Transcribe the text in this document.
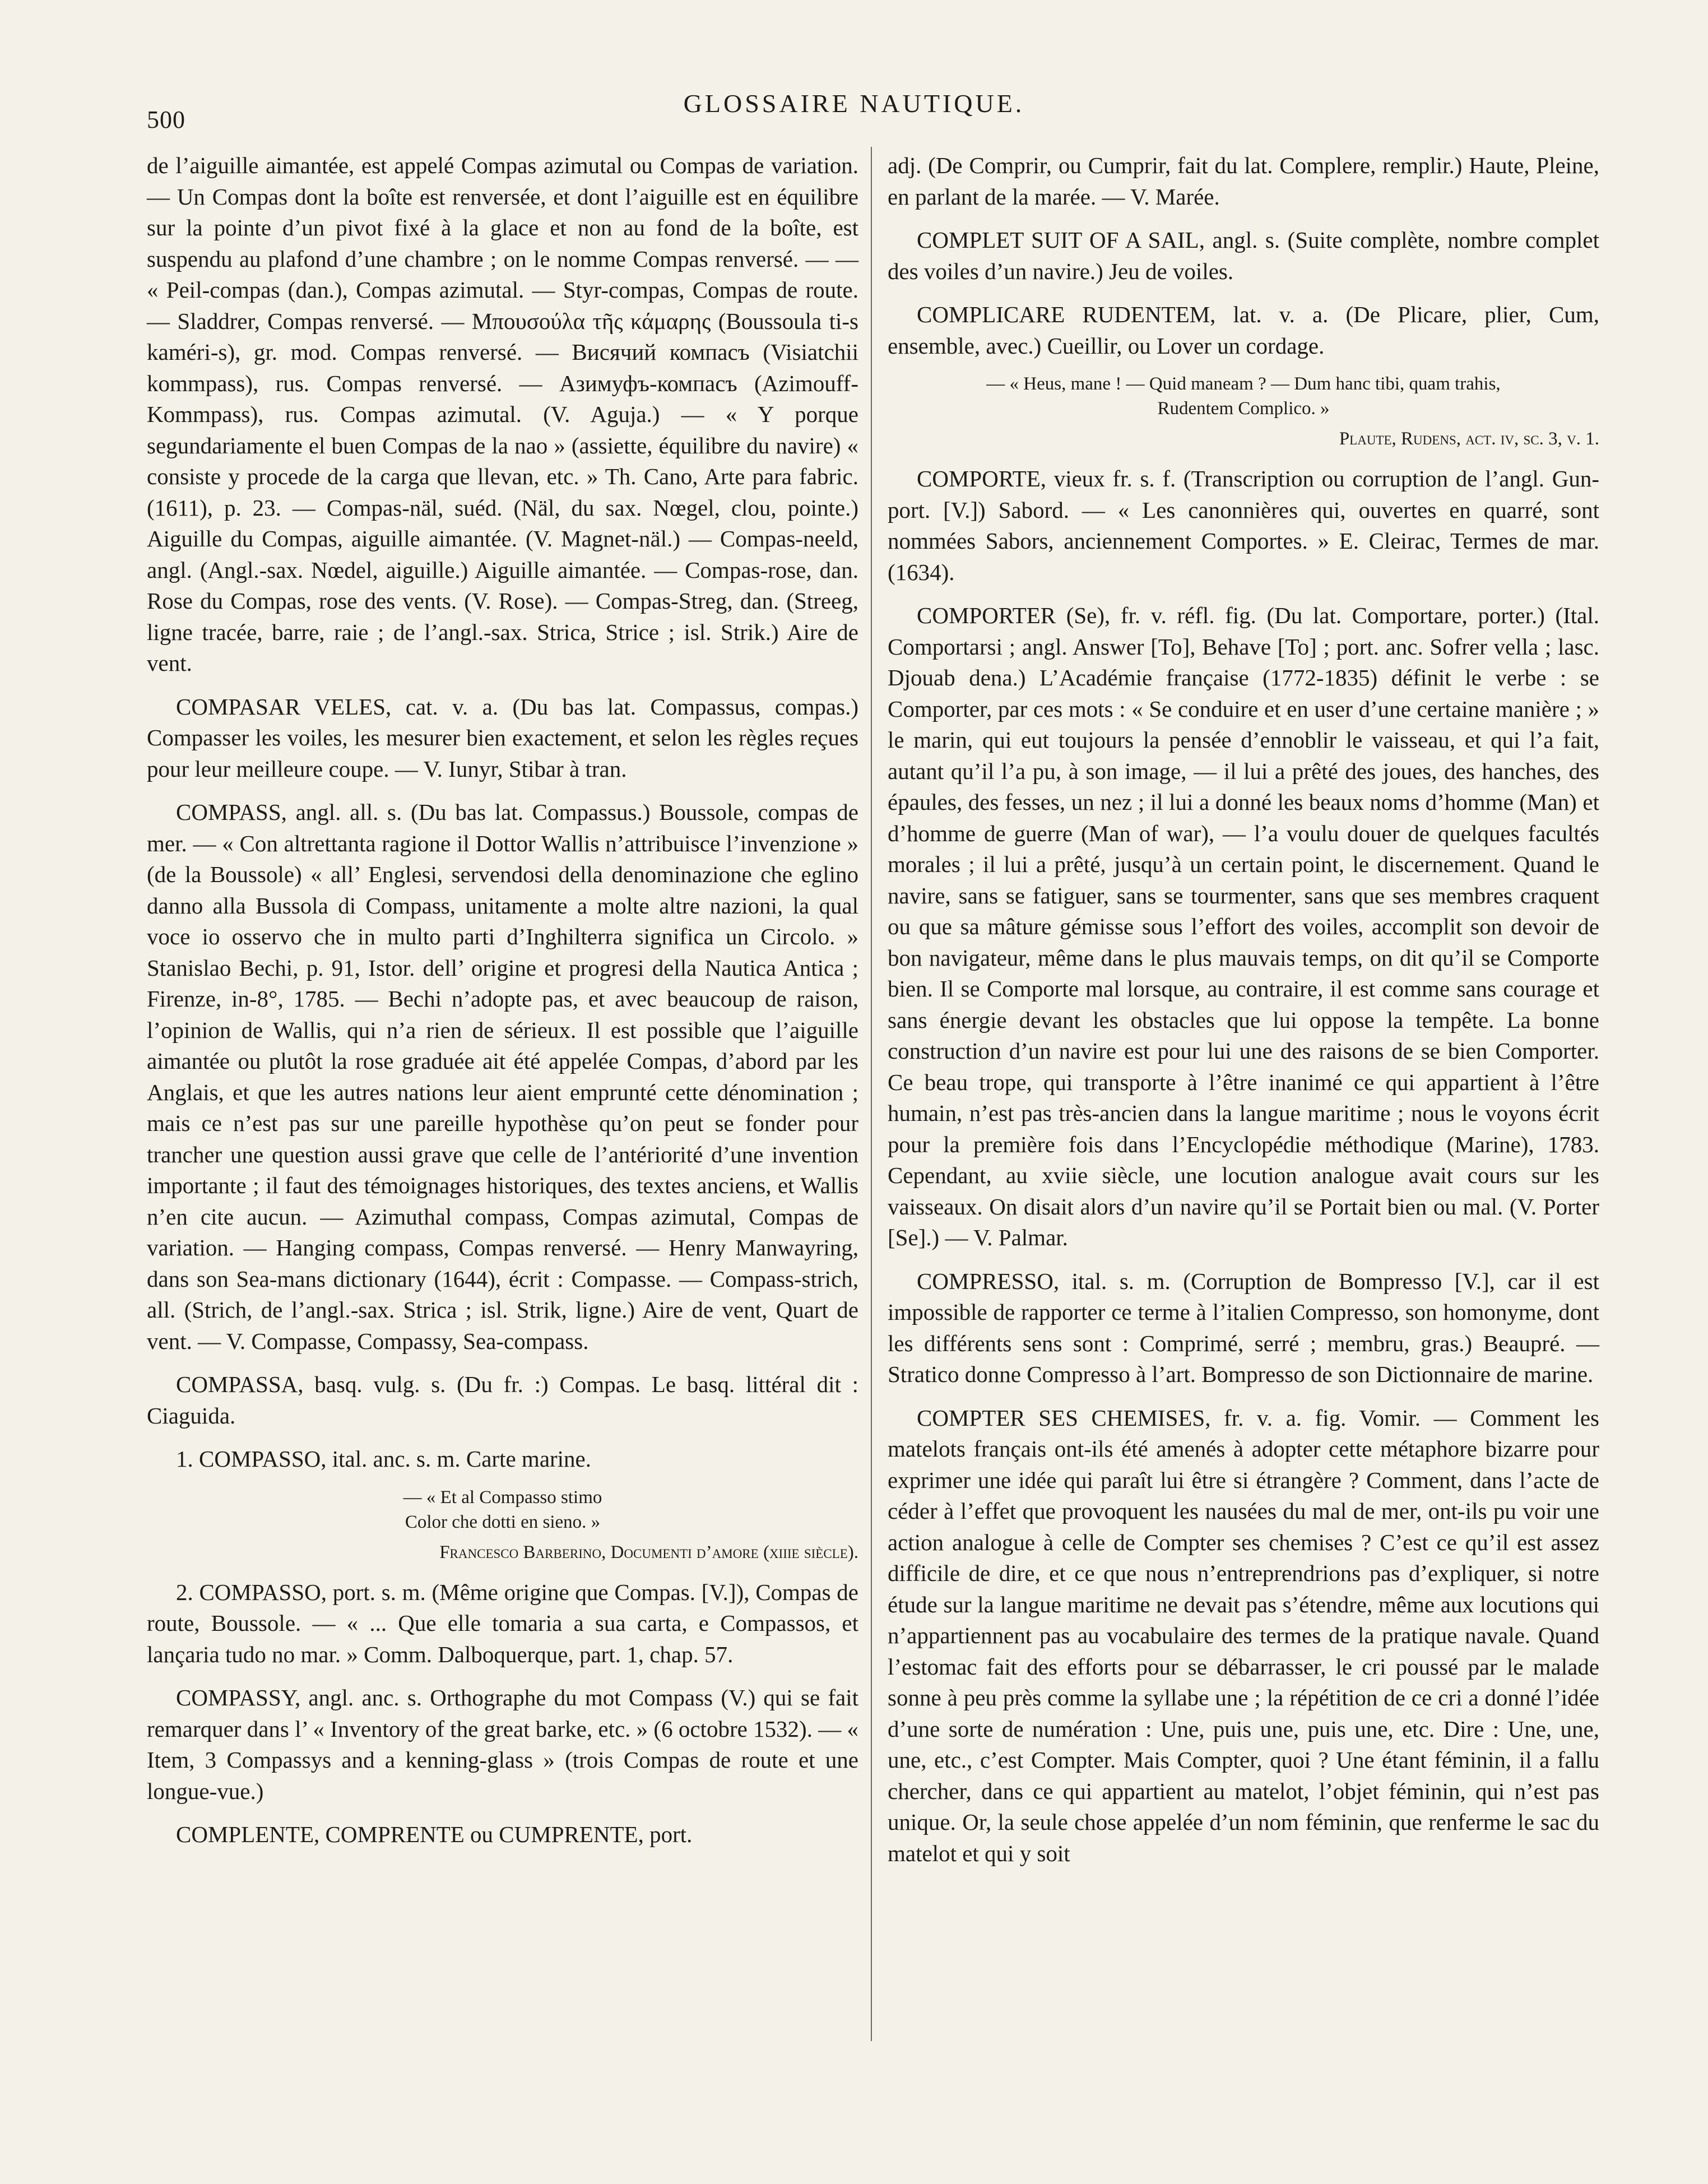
500
GLOSSAIRE NAUTIQUE.

de l’aiguille aimantée, est appelé Compas azimutal ou Compas de variation. — Un Compas dont la boîte est renversée, et dont l’aiguille est en équilibre sur la pointe d’un pivot fixé à la glace et non au fond de la boîte, est suspendu au plafond d’une chambre ; on le nomme Compas renversé. — — « Peil-compas (dan.), Compas azimutal. — Styr-compas, Compas de route. — Sladdrer, Compas renversé. — Μπουσούλα τῆς κάμαρης (Boussoula ti-s kaméri-s), gr. mod. Compas renversé. — Висячий компасъ (Visiatchii kommpass), rus. Compas renversé. — Азимуфъ-компасъ (Azimouff-Kommpass), rus. Compas azimutal. (V. Aguja.) — « Y porque segundariamente el buen Compas de la nao » (assiette, équilibre du navire) « consiste y procede de la carga que llevan, etc. » Th. Cano, Arte para fabric. (1611), p. 23. — Compas-näl, suéd. (Näl, du sax. Nœgel, clou, pointe.) Aiguille du Compas, aiguille aimantée. (V. Magnet-näl.) — Compas-neeld, angl. (Angl.-sax. Nœdel, aiguille.) Aiguille aimantée. — Compas-rose, dan. Rose du Compas, rose des vents. (V. Rose). — Compas-Streg, dan. (Streeg, ligne tracée, barre, raie ; de l’angl.-sax. Strica, Strice ; isl. Strik.) Aire de vent.

COMPASAR VELES, cat. v. a. (Du bas lat. Compassus, compas.) Compasser les voiles, les mesurer bien exactement, et selon les règles reçues pour leur meilleure coupe. — V. Iunyr, Stibar à tran.

COMPASS, angl. all. s. (Du bas lat. Compassus.) Boussole, compas de mer. — « Con altrettanta ragione il Dottor Wallis n’attribuisce l’invenzione » (de la Boussole) « all’ Englesi, servendosi della denominazione che eglino danno alla Bussola di Compass, unitamente a molte altre nazioni, la qual voce io osservo che in multo parti d’Inghilterra significa un Circolo. » Stanislao Bechi, p. 91, Istor. dell’ origine et progresi della Nautica Antica ; Firenze, in-8°, 1785. — Bechi n’adopte pas, et avec beaucoup de raison, l’opinion de Wallis, qui n’a rien de sérieux. Il est possible que l’aiguille aimantée ou plutôt la rose graduée ait été appelée Compas, d’abord par les Anglais, et que les autres nations leur aient emprunté cette dénomination ; mais ce n’est pas sur une pareille hypothèse qu’on peut se fonder pour trancher une question aussi grave que celle de l’antériorité d’une invention importante ; il faut des témoignages historiques, des textes anciens, et Wallis n’en cite aucun. — Azimuthal compass, Compas azimutal, Compas de variation. — Hanging compass, Compas renversé. — Henry Manwayring, dans son Sea-mans dictionary (1644), écrit : Compasse. — Compass-strich, all. (Strich, de l’angl.-sax. Strica ; isl. Strik, ligne.) Aire de vent, Quart de vent. — V. Compasse, Compassy, Sea-compass.

COMPASSA, basq. vulg. s. (Du fr. :) Compas. Le basq. littéral dit : Ciaguida.

1. COMPASSO, ital. anc. s. m. Carte marine.

— « Et al Compasso stimo
Color che dotti en sieno. »
Francesco Barberino, Documenti d’amore (xiiie siècle).

2. COMPASSO, port. s. m. (Même origine que Compas. [V.]), Compas de route, Boussole. — « ... Que elle tomaria a sua carta, e Compassos, et lançaria tudo no mar. » Comm. Dalboquerque, part. 1, chap. 57.

COMPASSY, angl. anc. s. Orthographe du mot Compass (V.) qui se fait remarquer dans l’ « Inventory of the great barke, etc. » (6 octobre 1532). — « Item, 3 Compassys and a kenning-glass » (trois Compas de route et une longue-vue.)

COMPLENTE, COMPRENTE ou CUMPRENTE, port.

adj. (De Comprir, ou Cumprir, fait du lat. Complere, remplir.) Haute, Pleine, en parlant de la marée. — V. Marée.

COMPLET SUIT OF A SAIL, angl. s. (Suite complète, nombre complet des voiles d’un navire.) Jeu de voiles.

COMPLICARE RUDENTEM, lat. v. a. (De Plicare, plier, Cum, ensemble, avec.) Cueillir, ou Lover un cordage.

— « Heus, mane ! — Quid maneam ? — Dum hanc tibi, quam trahis,
Rudentem Complico. »
Plaute, Rudens, act. iv, sc. 3, v. 1.

COMPORTE, vieux fr. s. f. (Transcription ou corruption de l’angl. Gun-port. [V.]) Sabord. — « Les canonnières qui, ouvertes en quarré, sont nommées Sabors, anciennement Comportes. » E. Cleirac, Termes de mar. (1634).

COMPORTER (Se), fr. v. réfl. fig. (Du lat. Comportare, porter.) (Ital. Comportarsi ; angl. Answer [To], Behave [To] ; port. anc. Sofrer vella ; lasc. Djouab dena.) L’Académie française (1772-1835) définit le verbe : se Comporter, par ces mots : « Se conduire et en user d’une certaine manière ; » le marin, qui eut toujours la pensée d’ennoblir le vaisseau, et qui l’a fait, autant qu’il l’a pu, à son image, — il lui a prêté des joues, des hanches, des épaules, des fesses, un nez ; il lui a donné les beaux noms d’homme (Man) et d’homme de guerre (Man of war), — l’a voulu douer de quelques facultés morales ; il lui a prêté, jusqu’à un certain point, le discernement. Quand le navire, sans se fatiguer, sans se tourmenter, sans que ses membres craquent ou que sa mâture gémisse sous l’effort des voiles, accomplit son devoir de bon navigateur, même dans le plus mauvais temps, on dit qu’il se Comporte bien. Il se Comporte mal lorsque, au contraire, il est comme sans courage et sans énergie devant les obstacles que lui oppose la tempête. La bonne construction d’un navire est pour lui une des raisons de se bien Comporter. Ce beau trope, qui transporte à l’être inanimé ce qui appartient à l’être humain, n’est pas très-ancien dans la langue maritime ; nous le voyons écrit pour la première fois dans l’Encyclopédie méthodique (Marine), 1783. Cependant, au xviie siècle, une locution analogue avait cours sur les vaisseaux. On disait alors d’un navire qu’il se Portait bien ou mal. (V. Porter [Se].) — V. Palmar.

COMPRESSO, ital. s. m. (Corruption de Bompresso [V.], car il est impossible de rapporter ce terme à l’italien Compresso, son homonyme, dont les différents sens sont : Comprimé, serré ; membru, gras.) Beaupré. — Stratico donne Compresso à l’art. Bompresso de son Dictionnaire de marine.

COMPTER SES CHEMISES, fr. v. a. fig. Vomir. — Comment les matelots français ont-ils été amenés à adopter cette métaphore bizarre pour exprimer une idée qui paraît lui être si étrangère ? Comment, dans l’acte de céder à l’effet que provoquent les nausées du mal de mer, ont-ils pu voir une action analogue à celle de Compter ses chemises ? C’est ce qu’il est assez difficile de dire, et ce que nous n’entreprendrions pas d’expliquer, si notre étude sur la langue maritime ne devait pas s’étendre, même aux locutions qui n’appartiennent pas au vocabulaire des termes de la pratique navale. Quand l’estomac fait des efforts pour se débarrasser, le cri poussé par le malade sonne à peu près comme la syllabe une ; la répétition de ce cri a donné l’idée d’une sorte de numération : Une, puis une, puis une, etc. Dire : Une, une, une, etc., c’est Compter. Mais Compter, quoi ? Une étant féminin, il a fallu chercher, dans ce qui appartient au matelot, l’objet féminin, qui n’est pas unique. Or, la seule chose appelée d’un nom féminin, que renferme le sac du matelot et qui y soit
